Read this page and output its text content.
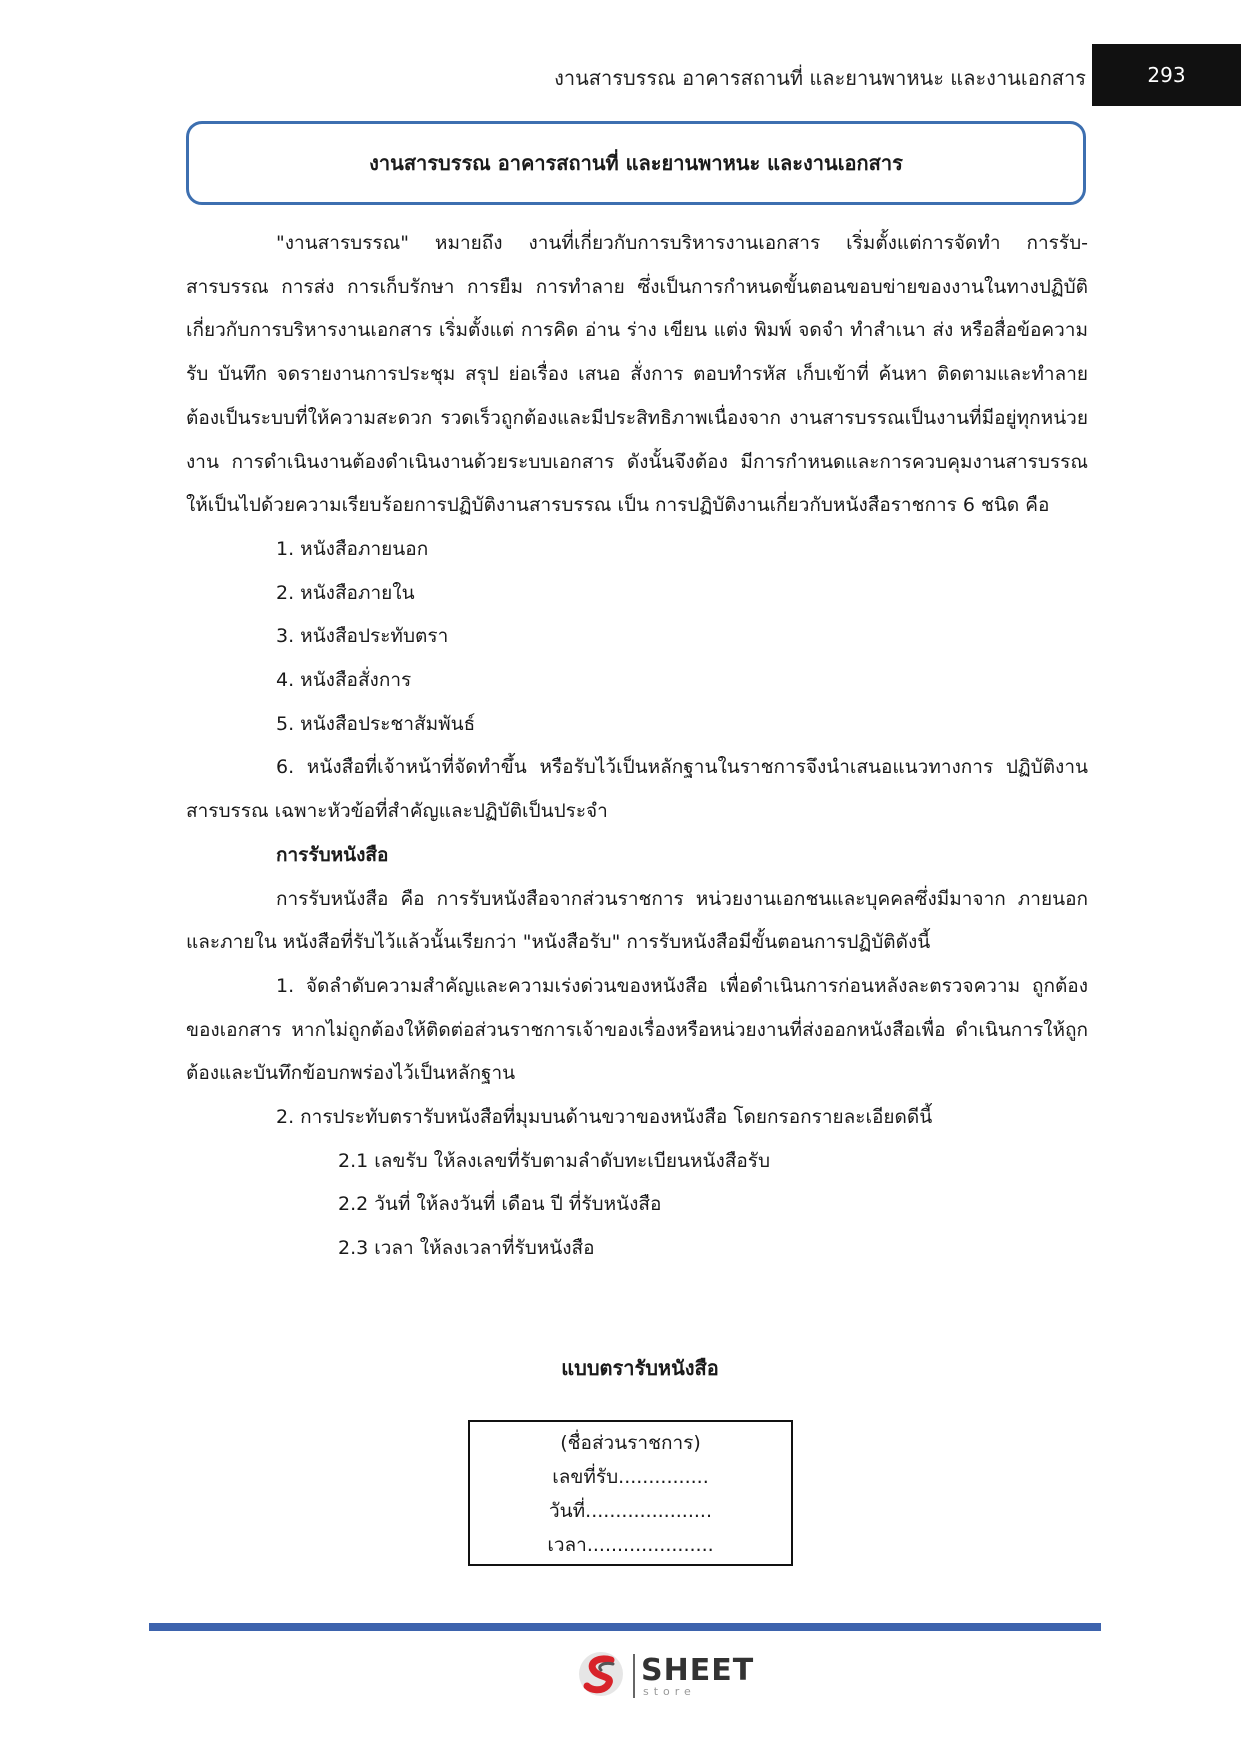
งานสารบรรณ อาคารสถานที่ และยานพาหนะ และงานเอกสาร	293
งานสารบรรณ อาคารสถานที่ และยานพาหนะ และงานเอกสาร

"งานสารบรรณ" หมายถึง งานที่เกี่ยวกับการบริหารงานเอกสาร เริ่มตั้งแต่การจัดทำ การรับ-สารบรรณ การส่ง การเก็บรักษา การยืม การทำลาย ซึ่งเป็นการกำหนดขั้นตอนขอบข่ายของงานในทางปฏิบัติเกี่ยวกับการบริหารงานเอกสาร เริ่มตั้งแต่ การคิด อ่าน ร่าง เขียน แต่ง พิมพ์ จดจำ ทำสำเนา ส่ง หรือสื่อข้อความ รับ บันทึก จดรายงานการประชุม สรุป ย่อเรื่อง เสนอ สั่งการ ตอบทำรหัส เก็บเข้าที่ ค้นหา ติดตามและทำลาย ต้องเป็นระบบที่ให้ความสะดวก รวดเร็วถูกต้องและมีประสิทธิภาพเนื่องจาก งานสารบรรณเป็นงานที่มีอยู่ทุกหน่วยงาน การดำเนินงานต้องดำเนินงานด้วยระบบเอกสาร ดังนั้นจึงต้อง มีการกำหนดและการควบคุมงานสารบรรณให้เป็นไปด้วยความเรียบร้อยการปฏิบัติงานสารบรรณ เป็น การปฏิบัติงานเกี่ยวกับหนังสือราชการ 6 ชนิด คือ

1. หนังสือภายนอก

2. หนังสือภายใน

3. หนังสือประทับตรา

4. หนังสือสั่งการ

5. หนังสือประชาสัมพันธ์

6. หนังสือที่เจ้าหน้าที่จัดทำขึ้น หรือรับไว้เป็นหลักฐานในราชการจึงนำเสนอแนวทางการ ปฏิบัติงานสารบรรณ เฉพาะหัวข้อที่สำคัญและปฏิบัติเป็นประจำ

การรับหนังสือ

การรับหนังสือ คือ การรับหนังสือจากส่วนราชการ หน่วยงานเอกชนและบุคคลซึ่งมีมาจาก ภายนอกและภายใน หนังสือที่รับไว้แล้วนั้นเรียกว่า "หนังสือรับ" การรับหนังสือมีขั้นตอนการปฏิบัติดังนี้

1. จัดลำดับความสำคัญและความเร่งด่วนของหนังสือ เพื่อดำเนินการก่อนหลังละตรวจความ ถูกต้องของเอกสาร หากไม่ถูกต้องให้ติดต่อส่วนราชการเจ้าของเรื่องหรือหน่วยงานที่ส่งออกหนังสือเพื่อ ดำเนินการให้ถูกต้องและบันทึกข้อบกพร่องไว้เป็นหลักฐาน

2. การประทับตรารับหนังสือที่มุมบนด้านขวาของหนังสือ โดยกรอกรายละเอียดดีนี้

2.1 เลขรับ ให้ลงเลขที่รับตามลำดับทะเบียนหนังสือรับ

2.2 วันที่ ให้ลงวันที่ เดือน ปี ที่รับหนังสือ

2.3 เวลา ให้ลงเวลาที่รับหนังสือ

แบบตรารับหนังสือ
(ชื่อส่วนราชการ)
เลขที่รับ...............
วันที่.....................
เวลา.....................
SHEET
store
